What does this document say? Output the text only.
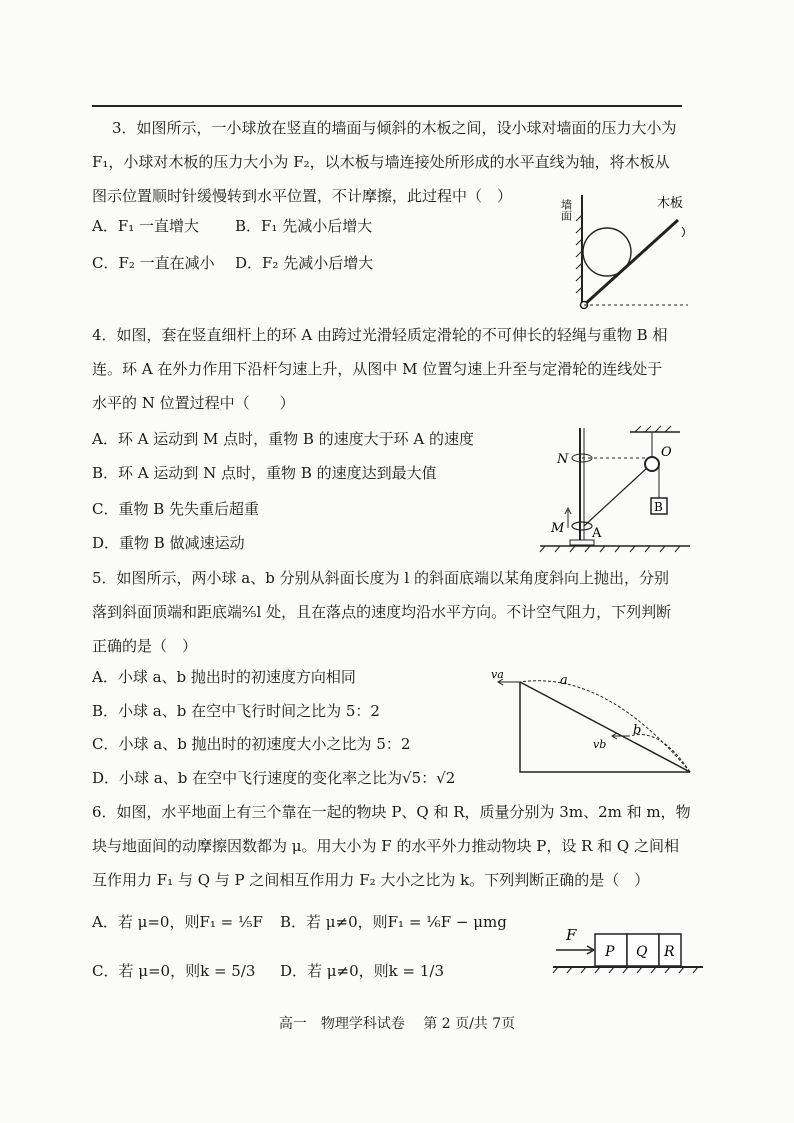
3．如图所示，一小球放在竖直的墙面与倾斜的木板之间，设小球对墙面的压力大小为
F₁，小球对木板的压力大小为 F₂，以木板与墙连接处所形成的水平直线为轴，将木板从
图示位置顺时针缓慢转到水平位置，不计摩擦，此过程中（　）
A．F₁ 一直增大 B．F₁ 先减小后增大
C．F₂ 一直在减小 D．F₂ 先减小后增大
墙面	木板
4．如图，套在竖直细杆上的环 A 由跨过光滑轻质定滑轮的不可伸长的轻绳与重物 B 相
连。环 A 在外力作用下沿杆匀速上升，从图中 M 位置匀速上升至与定滑轮的连线处于
水平的 N 位置过程中（　　）
A．环 A 运动到 M 点时，重物 B 的速度大于环 A 的速度
B．环 A 运动到 N 点时，重物 B 的速度达到最大值
C．重物 B 先失重后超重
D．重物 B 做减速运动
N	O
M A
B
5．如图所示，两小球 a、b 分别从斜面长度为 l 的斜面底端以某角度斜向上抛出，分别
落到斜面顶端和距底端⅖l 处，且在落点的速度均沿水平方向。不计空气阻力，下列判断
正确的是（　）
A．小球 a、b 抛出时的初速度方向相同
B．小球 a、b 在空中飞行时间之比为 5：2
C．小球 a、b 抛出时的初速度大小之比为 5：2
D．小球 a、b 在空中飞行速度的变化率之比为√5：√2
va	a
b
vb
6．如图，水平地面上有三个靠在一起的物块 P、Q 和 R，质量分别为 3m、2m 和 m，物
块与地面间的动摩擦因数都为 μ。用大小为 F 的水平外力推动物块 P，设 R 和 Q 之间相
互作用力 F₁ 与 Q 与 P 之间相互作用力 F₂ 大小之比为 k。下列判断正确的是（　）
A．若 μ=0，则F₁ = ⅕F B．若 μ≠0，则F₁ = ⅙F − μmg
C．若 μ=0，则k = 5/3 D．若 μ≠0，则k = 1/3
F
P Q R
高一　物理学科试卷　 第 2 页/共 7页
